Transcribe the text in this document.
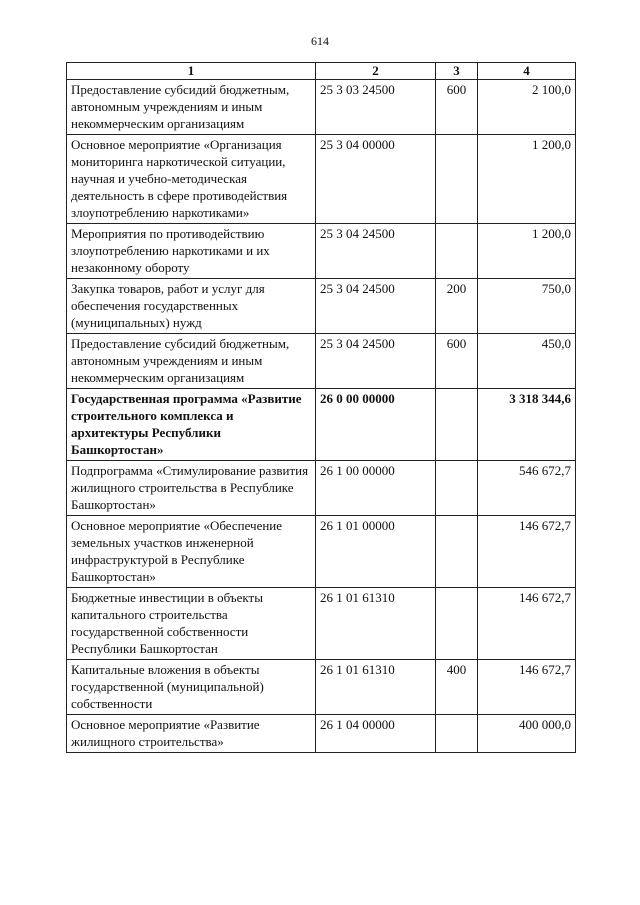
614
1	2	3	4
Предоставление субсидий бюджетным, автономным учреждениям и иным некоммерческим организациям	25 3 03 24500	600	2 100,0
Основное мероприятие «Организация мониторинга наркотической ситуации, научная и учебно-методическая деятельность в сфере противодействия злоупотреблению наркотиками»	25 3 04 00000		1 200,0
Мероприятия по противодействию злоупотреблению наркотиками и их незаконному обороту	25 3 04 24500		1 200,0
Закупка товаров, работ и услуг для обеспечения государственных (муниципальных) нужд	25 3 04 24500	200	750,0
Предоставление субсидий бюджетным, автономным учреждениям и иным некоммерческим организациям	25 3 04 24500	600	450,0
Государственная программа «Развитие строительного комплекса и архитектуры Республики Башкортостан»	26 0 00 00000		3 318 344,6
Подпрограмма «Стимулирование развития жилищного строительства в Республике Башкортостан»	26 1 00 00000		546 672,7
Основное мероприятие «Обеспечение земельных участков инженерной инфраструктурой в Республике Башкортостан»	26 1 01 00000		146 672,7
Бюджетные инвестиции в объекты капитального строительства государственной собственности Республики Башкортостан	26 1 01 61310		146 672,7
Капитальные вложения в объекты государственной (муниципальной) собственности	26 1 01 61310	400	146 672,7
Основное мероприятие «Развитие жилищного строительства»	26 1 04 00000		400 000,0
